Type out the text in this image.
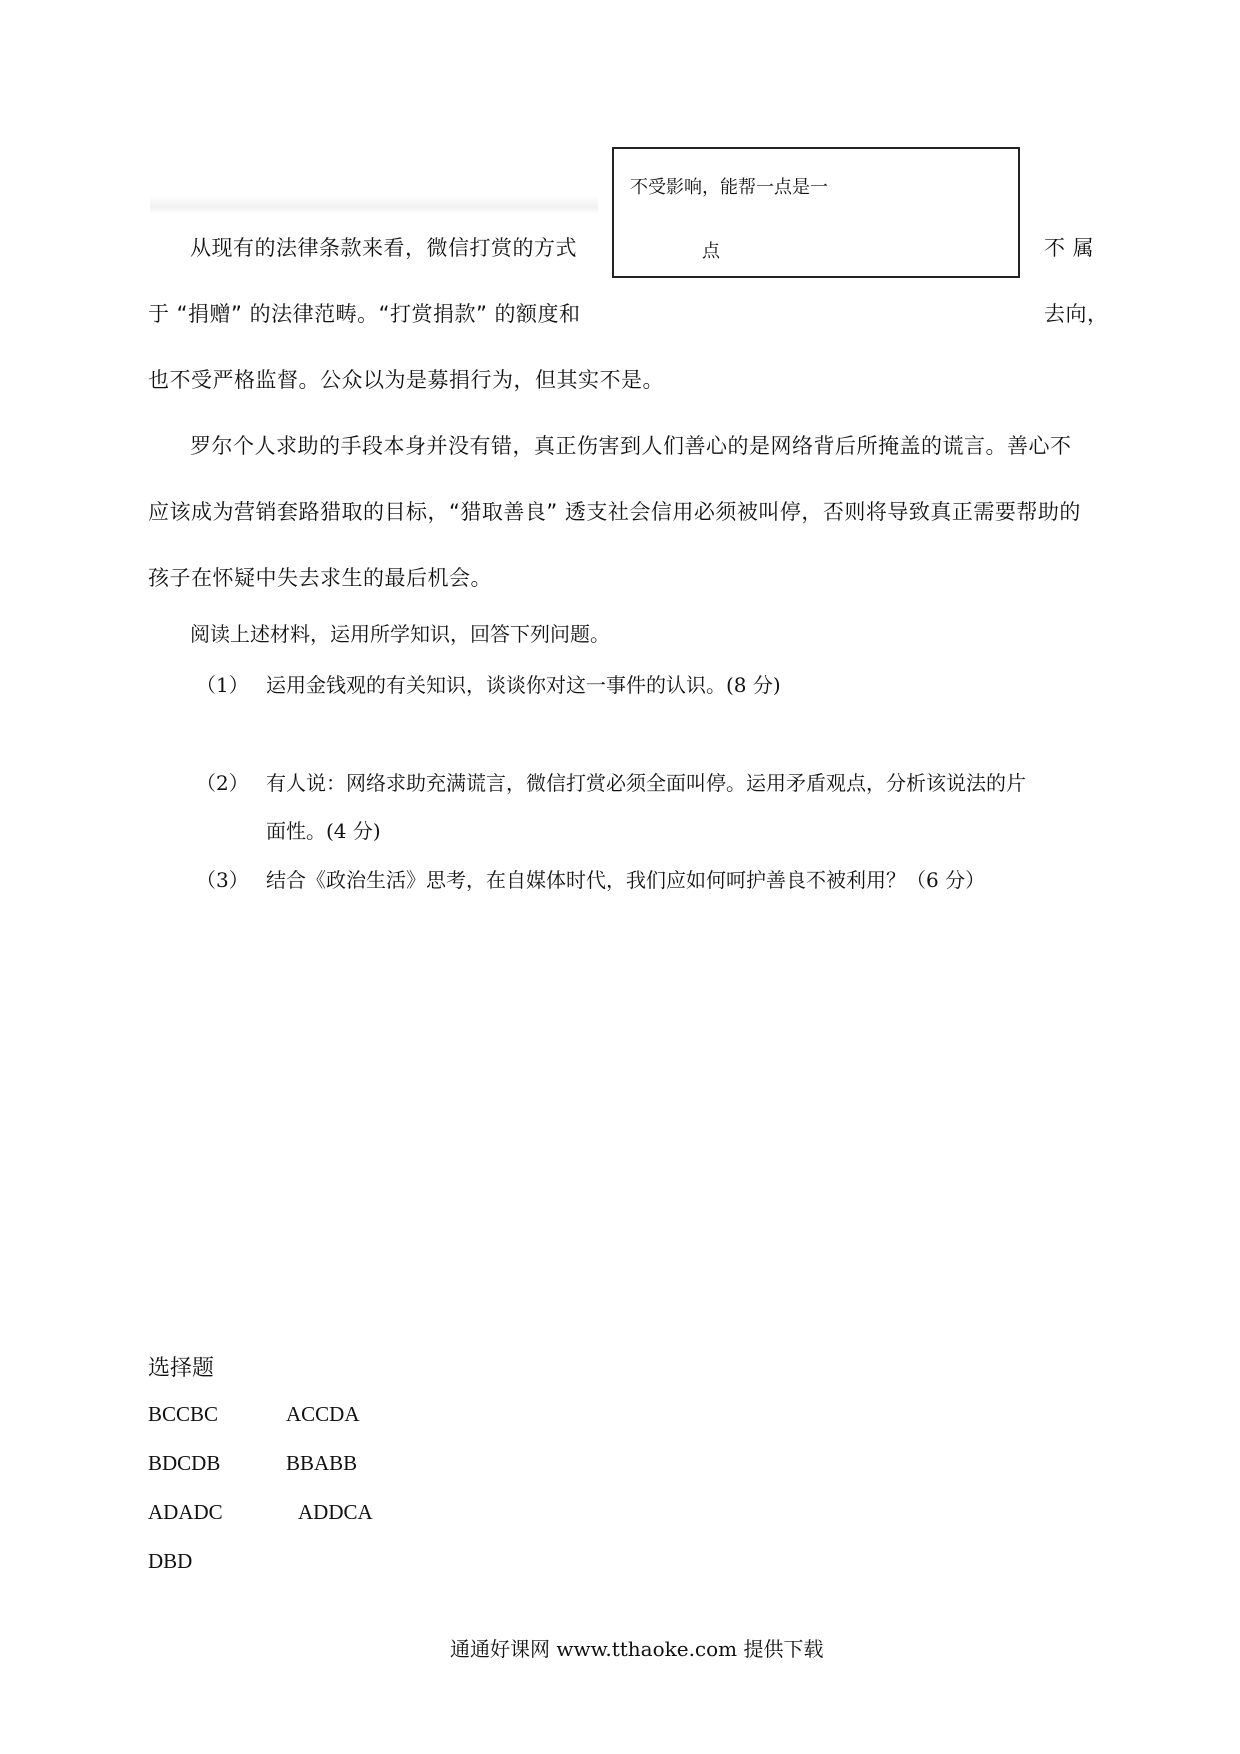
不受影响，能帮一点是一
点
从现有的法律条款来看，微信打赏的方式	不 属
于 “捐赠” 的法律范畴。“打赏捐款” 的额度和	去向，
也不受严格监督。公众以为是募捐行为，但其实不是。
罗尔个人求助的手段本身并没有错，真正伤害到人们善心的是网络背后所掩盖的谎言。善心不
应该成为营销套路猎取的目标，“猎取善良” 透支社会信用必须被叫停，否则将导致真正需要帮助的
孩子在怀疑中失去求生的最后机会。
阅读上述材料，运用所学知识，回答下列问题。
（1） 运用金钱观的有关知识，谈谈你对这一事件的认识。(8 分)
（2） 有人说：网络求助充满谎言，微信打赏必须全面叫停。运用矛盾观点，分析该说法的片
面性。(4 分)
（3） 结合《政治生活》思考，在自媒体时代，我们应如何呵护善良不被利用？（6 分）
选择题
BCCBC	ACCDA
BDCDB	BBABB
ADADC	ADDCA
DBD
通通好课网 www.tthaoke.com 提供下载
